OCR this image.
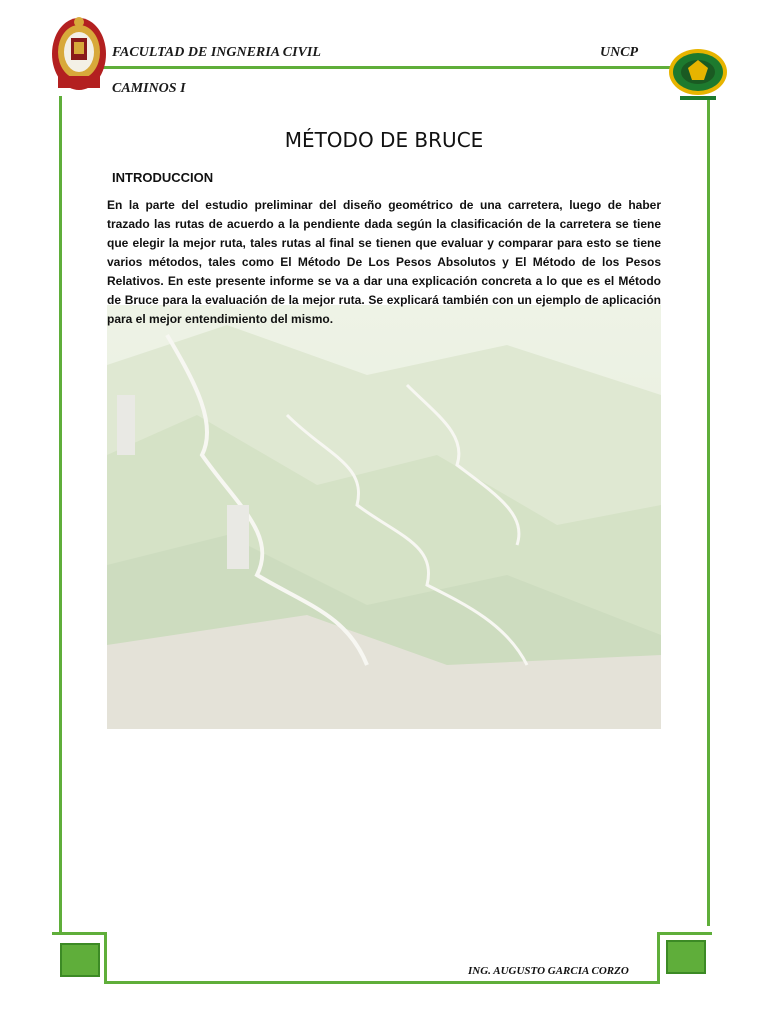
FACULTAD DE INGNERIA CIVIL	UNCP
CAMINOS I
MÉTODO DE BRUCE
INTRODUCCION

En la parte del estudio preliminar del diseño geométrico de una carretera, luego de haber trazado las rutas de acuerdo a la pendiente dada según la clasificación de la carretera se tiene que elegir la mejor ruta, tales rutas al final se tienen que evaluar y comparar para esto se tiene varios métodos, tales como El Método De Los Pesos Absolutos y El Método de los Pesos Relativos. En este presente informe se va a dar una explicación concreta a lo que es el Método de Bruce para la evaluación de la mejor ruta. Se explicará también con un ejemplo de aplicación para el mejor entendimiento del mismo.

ING. AUGUSTO GARCIA CORZO
